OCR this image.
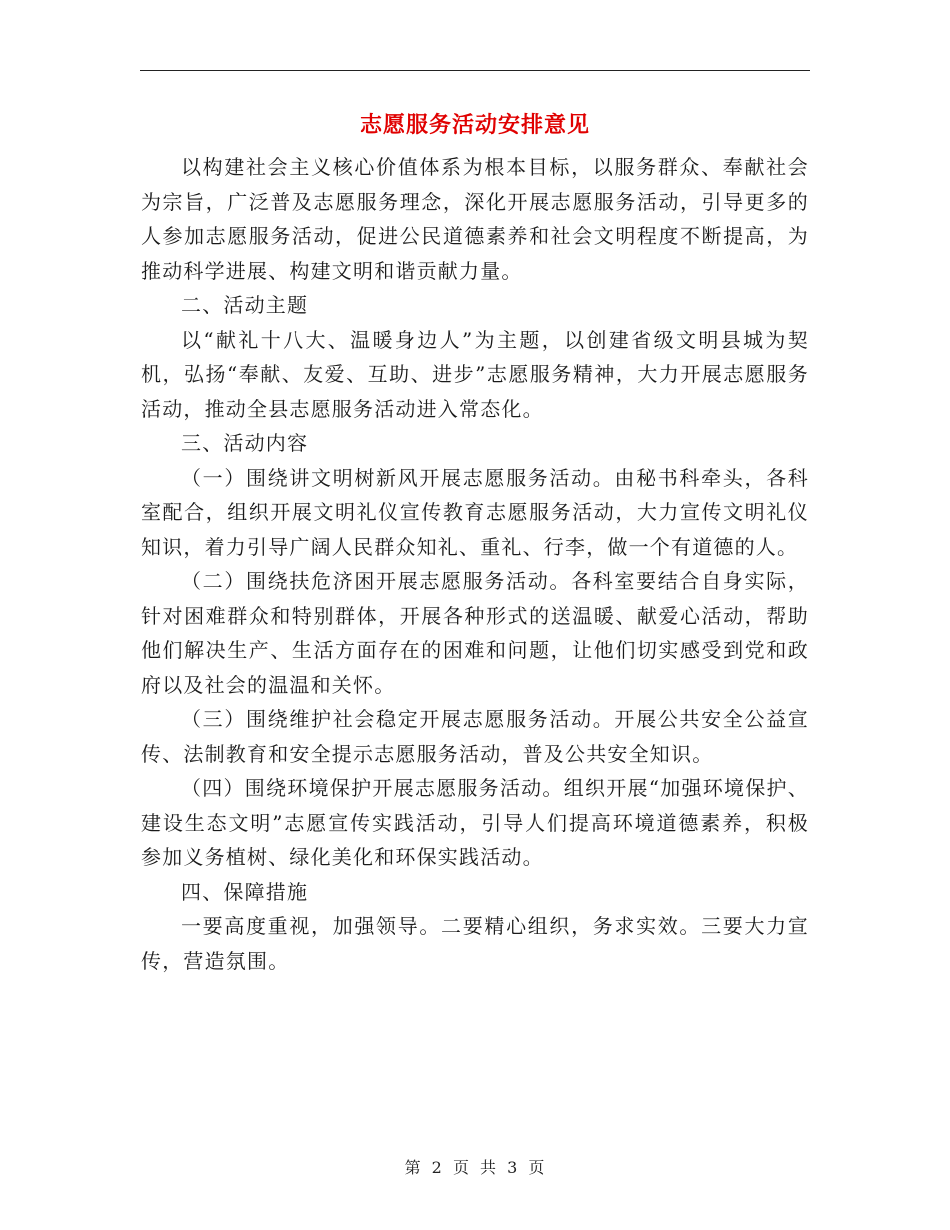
志愿服务活动安排意见

以构建社会主义核心价值体系为根本目标，以服务群众、奉献社会为宗旨，广泛普及志愿服务理念，深化开展志愿服务活动，引导更多的人参加志愿服务活动，促进公民道德素养和社会文明程度不断提高，为推动科学进展、构建文明和谐贡献力量。

二、活动主题

以“献礼十八大、温暖身边人”为主题，以创建省级文明县城为契机，弘扬“奉献、友爱、互助、进步”志愿服务精神，大力开展志愿服务活动，推动全县志愿服务活动进入常态化。

三、活动内容

（一）围绕讲文明树新风开展志愿服务活动。由秘书科牵头，各科室配合，组织开展文明礼仪宣传教育志愿服务活动，大力宣传文明礼仪知识，着力引导广阔人民群众知礼、重礼、行李，做一个有道德的人。

（二）围绕扶危济困开展志愿服务活动。各科室要结合自身实际，针对困难群众和特别群体，开展各种形式的送温暖、献爱心活动，帮助他们解决生产、生活方面存在的困难和问题，让他们切实感受到党和政府以及社会的温温和关怀。

（三）围绕维护社会稳定开展志愿服务活动。开展公共安全公益宣传、法制教育和安全提示志愿服务活动，普及公共安全知识。

（四）围绕环境保护开展志愿服务活动。组织开展“加强环境保护、建设生态文明”志愿宣传实践活动，引导人们提高环境道德素养，积极参加义务植树、绿化美化和环保实践活动。

四、保障措施

一要高度重视，加强领导。二要精心组织，务求实效。三要大力宣传，营造氛围。

第 2 页 共 3 页
